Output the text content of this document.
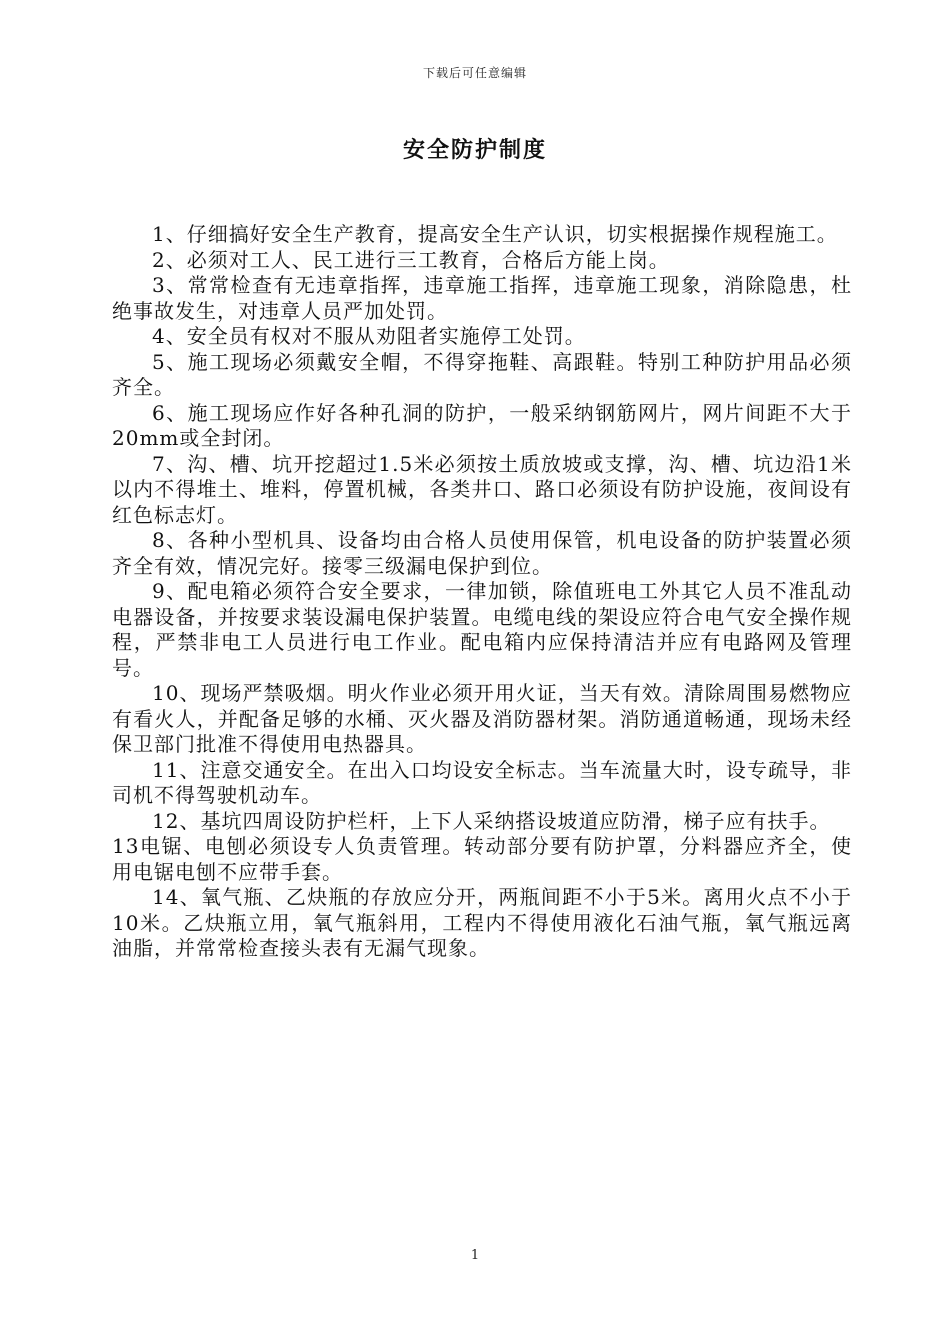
下载后可任意编辑
安全防护制度

1、仔细搞好安全生产教育，提高安全生产认识，切实根据操作规程施工。

2、必须对工人、民工进行三工教育，合格后方能上岗。

3、常常检查有无违章指挥，违章施工指挥，违章施工现象，消除隐患，杜绝事故发生，对违章人员严加处罚。

4、安全员有权对不服从劝阻者实施停工处罚。

5、施工现场必须戴安全帽，不得穿拖鞋、高跟鞋。特别工种防护用品必须齐全。

6、施工现场应作好各种孔洞的防护，一般采纳钢筋网片，网片间距不大于20mm或全封闭。

7、沟、槽、坑开挖超过1.5米必须按土质放坡或支撑，沟、槽、坑边沿1米以内不得堆土、堆料，停置机械，各类井口、路口必须设有防护设施，夜间设有红色标志灯。

8、各种小型机具、设备均由合格人员使用保管，机电设备的防护装置必须齐全有效，情况完好。接零三级漏电保护到位。

9、配电箱必须符合安全要求，一律加锁，除值班电工外其它人员不准乱动电器设备，并按要求装设漏电保护装置。电缆电线的架设应符合电气安全操作规程，严禁非电工人员进行电工作业。配电箱内应保持清洁并应有电路网及管理号。

10、现场严禁吸烟。明火作业必须开用火证，当天有效。清除周围易燃物应有看火人，并配备足够的水桶、灭火器及消防器材架。消防通道畅通，现场未经保卫部门批准不得使用电热器具。

11、注意交通安全。在出入口均设安全标志。当车流量大时，设专疏导，非司机不得驾驶机动车。

12、基坑四周设防护栏杆，上下人采纳搭设坡道应防滑，梯子应有扶手。

13电锯、电刨必须设专人负责管理。转动部分要有防护罩，分料器应齐全，使用电锯电刨不应带手套。

14、氧气瓶、乙炔瓶的存放应分开，两瓶间距不小于5米。离用火点不小于10米。乙炔瓶立用，氧气瓶斜用，工程内不得使用液化石油气瓶，氧气瓶远离油脂，并常常检查接头表有无漏气现象。

1
